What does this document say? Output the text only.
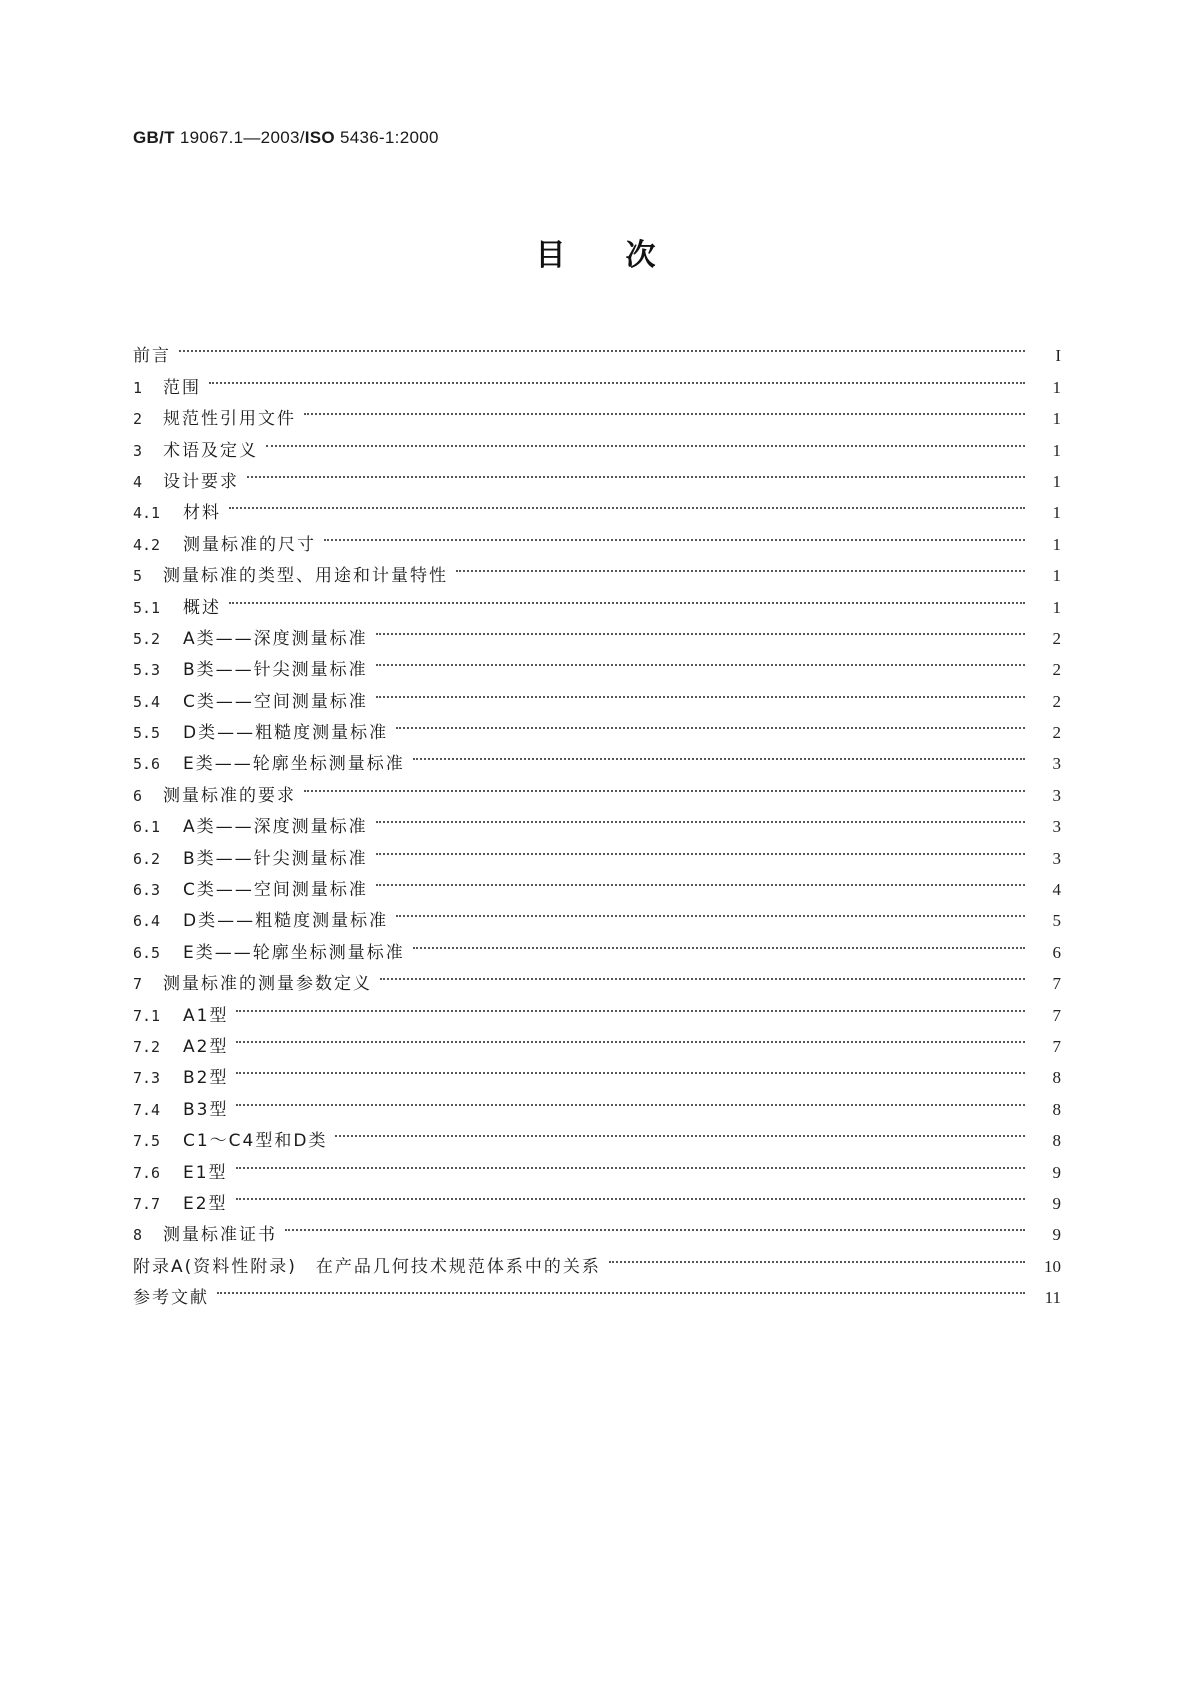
GB/T 19067.1—2003/ISO 5436-1:2000
目次
前言	I
1	范围	1
2	规范性引用文件	1
3	术语及定义	1
4	设计要求	1
4.1	材料	1
4.2	测量标准的尺寸	1
5	测量标准的类型、用途和计量特性	1
5.1	概述	1
5.2	A类——深度测量标准	2
5.3	B类——针尖测量标准	2
5.4	C类——空间测量标准	2
5.5	D类——粗糙度测量标准	2
5.6	E类——轮廓坐标测量标准	3
6	测量标准的要求	3
6.1	A类——深度测量标准	3
6.2	B类——针尖测量标准	3
6.3	C类——空间测量标准	4
6.4	D类——粗糙度测量标准	5
6.5	E类——轮廓坐标测量标准	6
7	测量标准的测量参数定义	7
7.1	A1型	7
7.2	A2型	7
7.3	B2型	8
7.4	B3型	8
7.5	C1～C4型和D类	8
7.6	E1型	9
7.7	E2型	9
8	测量标准证书	9
附录A(资料性附录)　在产品几何技术规范体系中的关系	10
参考文献	11
